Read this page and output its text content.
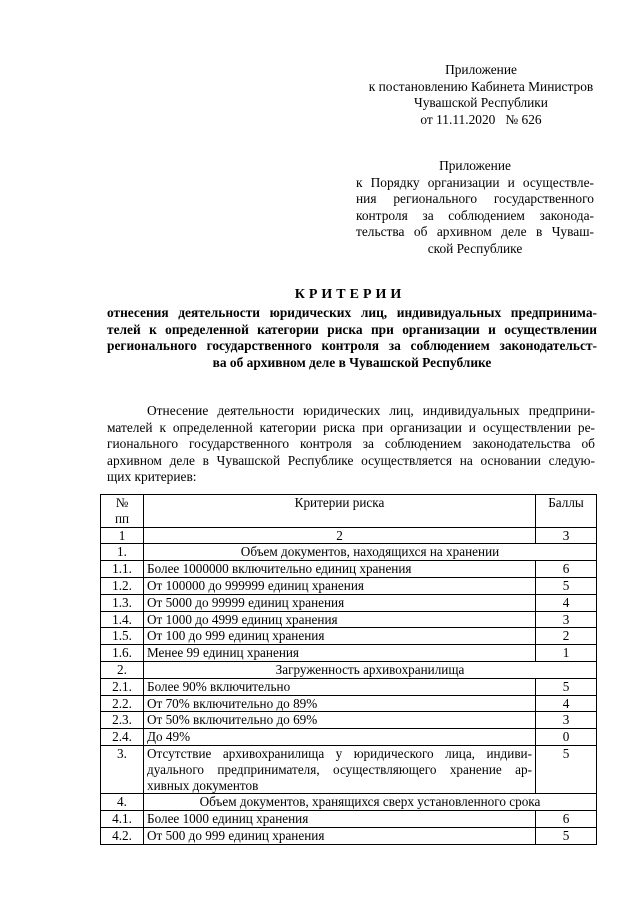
Приложение
к постановлению Кабинета Министров
Чувашской Республики
от 11.11.2020 № 626
Приложение
к Порядку организации и осуществле-
ния регионального государственного
контроля за соблюдением законода-
тельства об архивном деле в Чуваш-
ской Республике
КРИТЕРИИ
отнесения деятельности юридических лиц, индивидуальных предпринима-
телей к определенной категории риска при организации и осуществлении
регионального государственного контроля за соблюдением законодательст-
ва об архивном деле в Чувашской Республике
Отнесение деятельности юридических лиц, индивидуальных предприни-
мателей к определенной категории риска при организации и осуществлении ре-
гионального государственного контроля за соблюдением законодательства об
архивном деле в Чувашской Республике осуществляется на основании следую-
щих критериев:
№
пп	Критерии риска	Баллы
1	2	3
1.	Объем документов, находящихся на хранении	
1.1.	Более 1000000 включительно единиц хранения	6
1.2.	От 100000 до 999999 единиц хранения	5
1.3.	От 5000 до 99999 единиц хранения	4
1.4.	От 1000 до 4999 единиц хранения	3
1.5.	От 100 до 999 единиц хранения	2
1.6.	Менее 99 единиц хранения	1
2.	Загруженность архивохранилища	
2.1.	Более 90% включительно	5
2.2.	От 70% включительно до 89%	4
2.3.	От 50% включительно до 69%	3
2.4.	До 49%	0
3.	Отсутствие архивохранилища у юридического лица, индиви-
дуального предпринимателя, осуществляющего хранение ар-
хивных документов	5
4.	Объем документов, хранящихся сверх установленного срока	
4.1.	Более 1000 единиц хранения	6
4.2.	От 500 до 999 единиц хранения	5
